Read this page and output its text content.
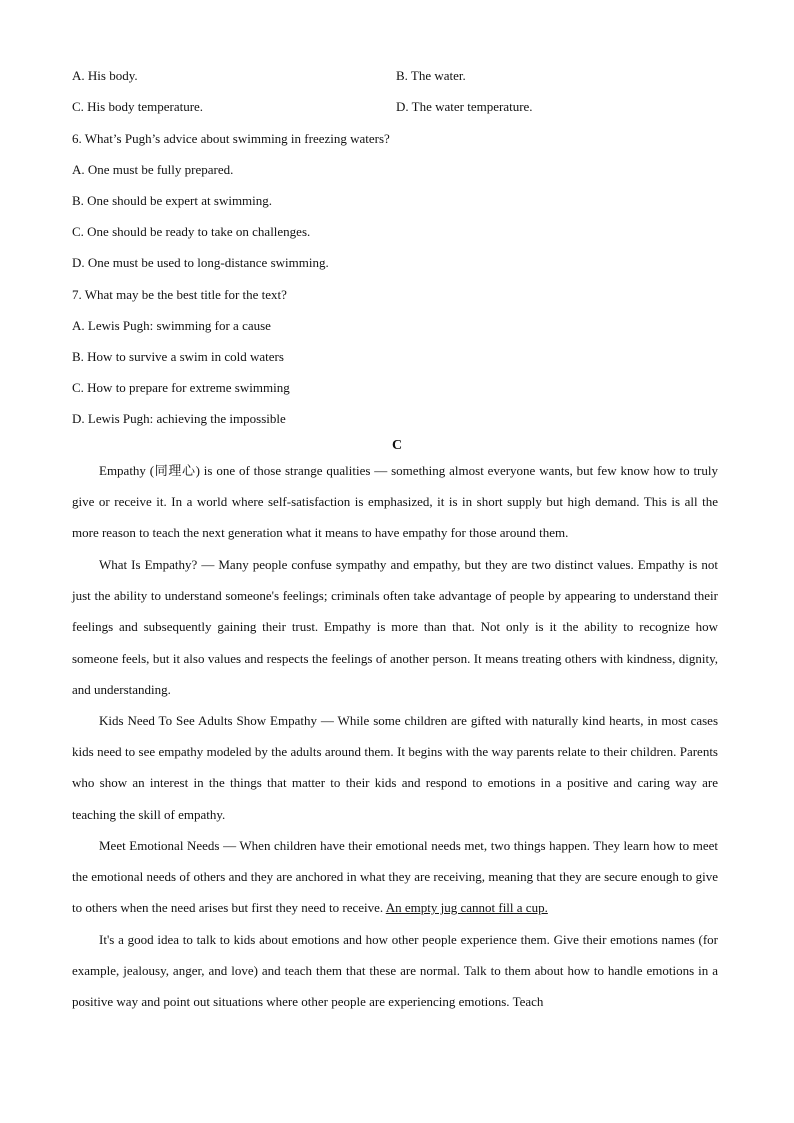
A. His body.	B. The water.
C. His body temperature.	D. The water temperature.
6. What’s Pugh’s advice about swimming in freezing waters?
A. One must be fully prepared.
B. One should be expert at swimming.
C. One should be ready to take on challenges.
D. One must be used to long-distance swimming.
7. What may be the best title for the text?
A. Lewis Pugh: swimming for a cause
B. How to survive a swim in cold waters
C. How to prepare for extreme swimming
D. Lewis Pugh: achieving the impossible
C
Empathy (同理心) is one of those strange qualities — something almost everyone wants, but few know how to truly give or receive it. In a world where self-satisfaction is emphasized, it is in short supply but high demand. This is all the more reason to teach the next generation what it means to have empathy for those around them.
What Is Empathy? — Many people confuse sympathy and empathy, but they are two distinct values. Empathy is not just the ability to understand someone's feelings; criminals often take advantage of people by appearing to understand their feelings and subsequently gaining their trust. Empathy is more than that. Not only is it the ability to recognize how someone feels, but it also values and respects the feelings of another person. It means treating others with kindness, dignity, and understanding.
Kids Need To See Adults Show Empathy — While some children are gifted with naturally kind hearts, in most cases kids need to see empathy modeled by the adults around them. It begins with the way parents relate to their children. Parents who show an interest in the things that matter to their kids and respond to emotions in a positive and caring way are teaching the skill of empathy.
Meet Emotional Needs — When children have their emotional needs met, two things happen. They learn how to meet the emotional needs of others and they are anchored in what they are receiving, meaning that they are secure enough to give to others when the need arises but first they need to receive. An empty jug cannot fill a cup.
It's a good idea to talk to kids about emotions and how other people experience them. Give their emotions names (for example, jealousy, anger, and love) and teach them that these are normal. Talk to them about how to handle emotions in a positive way and point out situations where other people are experiencing emotions. Teach
